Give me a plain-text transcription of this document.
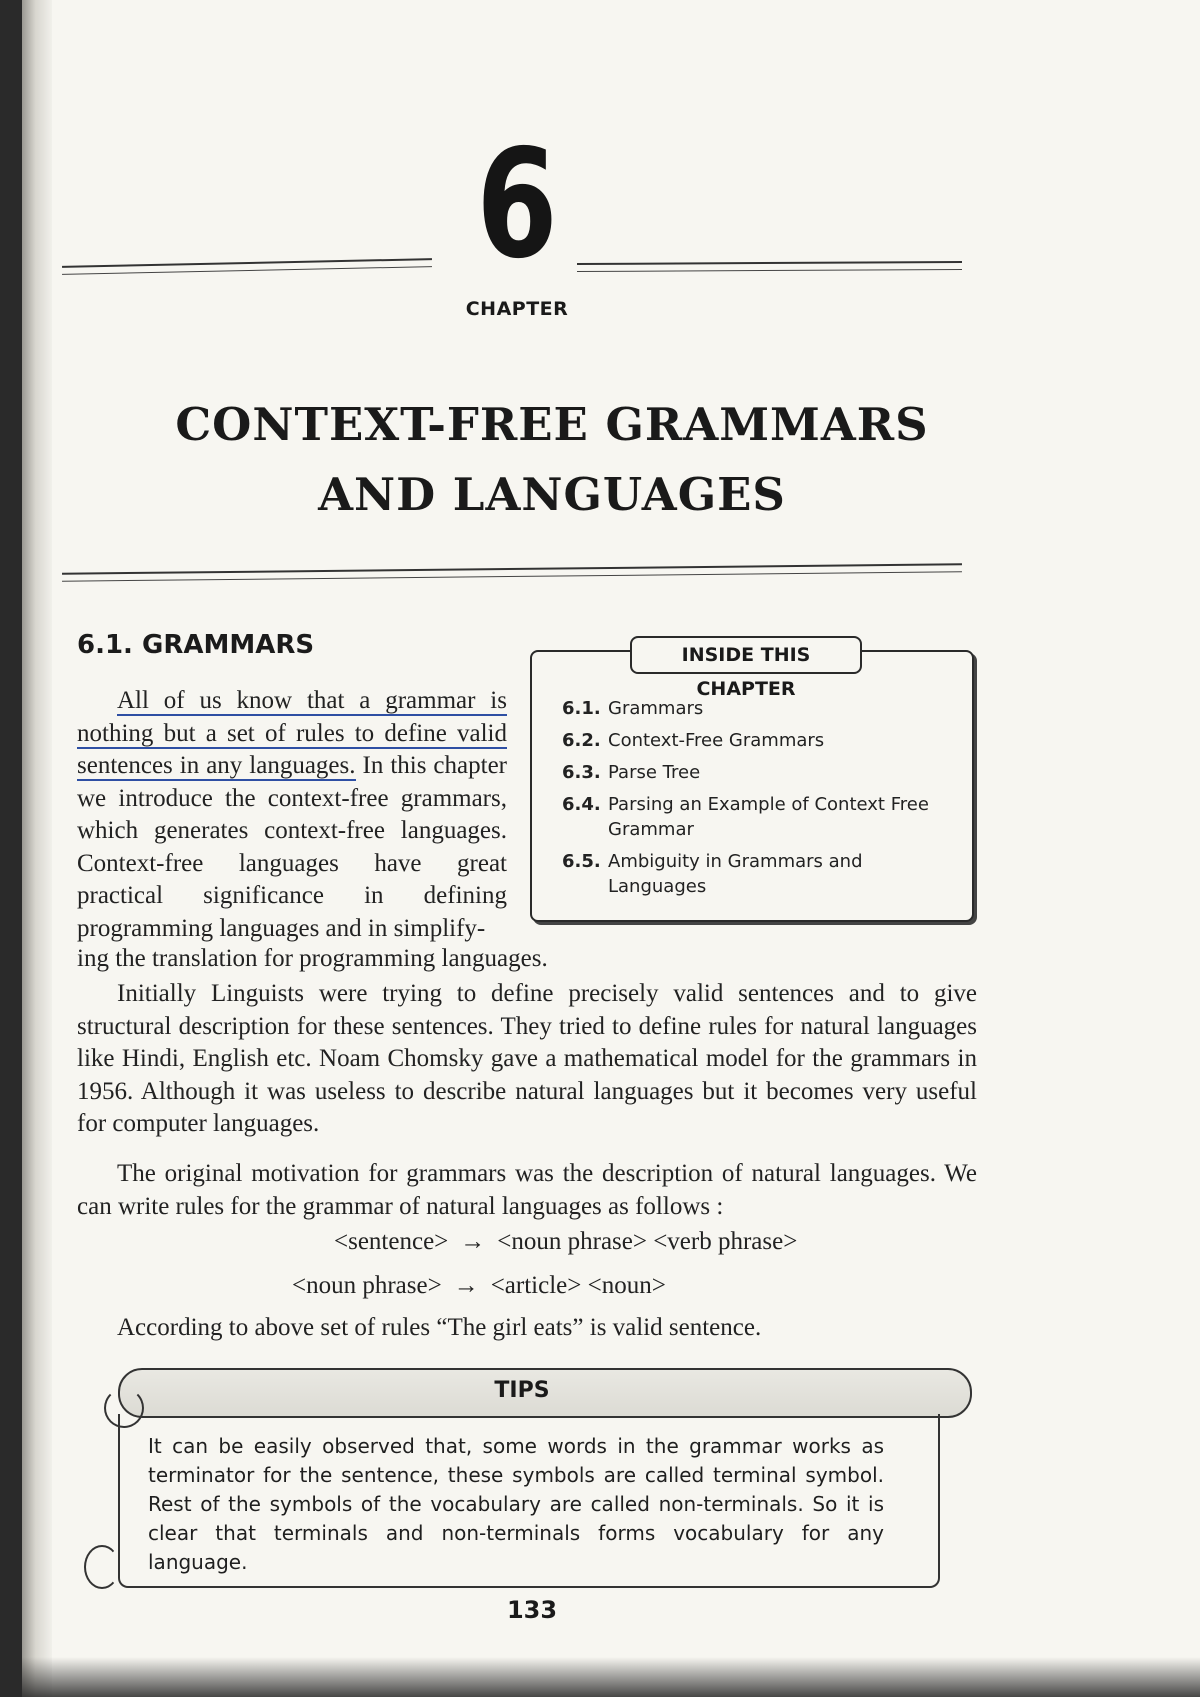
6
CHAPTER
CONTEXT-FREE GRAMMARS
AND LANGUAGES
6.1. GRAMMARS
All of us know that a grammar is nothing but a set of rules to define valid sentences in any languages. In this chapter we introduce the context-free grammars, which generates context-free languages. Context-free languages have great practical significance in defining programming languages and in simplify-
ing the translation for programming languages.
INSIDE THIS CHAPTER
6.1. Grammars
6.2. Context-Free Grammars
6.3. Parse Tree
6.4. Parsing an Example of Context Free Grammar
6.5. Ambiguity in Grammars and Languages
Initially Linguists were trying to define precisely valid sentences and to give structural description for these sentences. They tried to define rules for natural languages like Hindi, English etc. Noam Chomsky gave a mathematical model for the grammars in 1956. Although it was useless to describe natural languages but it becomes very useful for computer languages.
The original motivation for grammars was the description of natural languages. We can write rules for the grammar of natural languages as follows :
<sentence> → <noun phrase> <verb phrase>
<noun phrase> → <article> <noun>
According to above set of rules “The girl eats” is valid sentence.
TIPS
It can be easily observed that, some words in the grammar works as terminator for the sentence, these symbols are called terminal symbol. Rest of the symbols of the vocabulary are called non-terminals. So it is clear that terminals and non-terminals forms vocabulary for any language.
133
